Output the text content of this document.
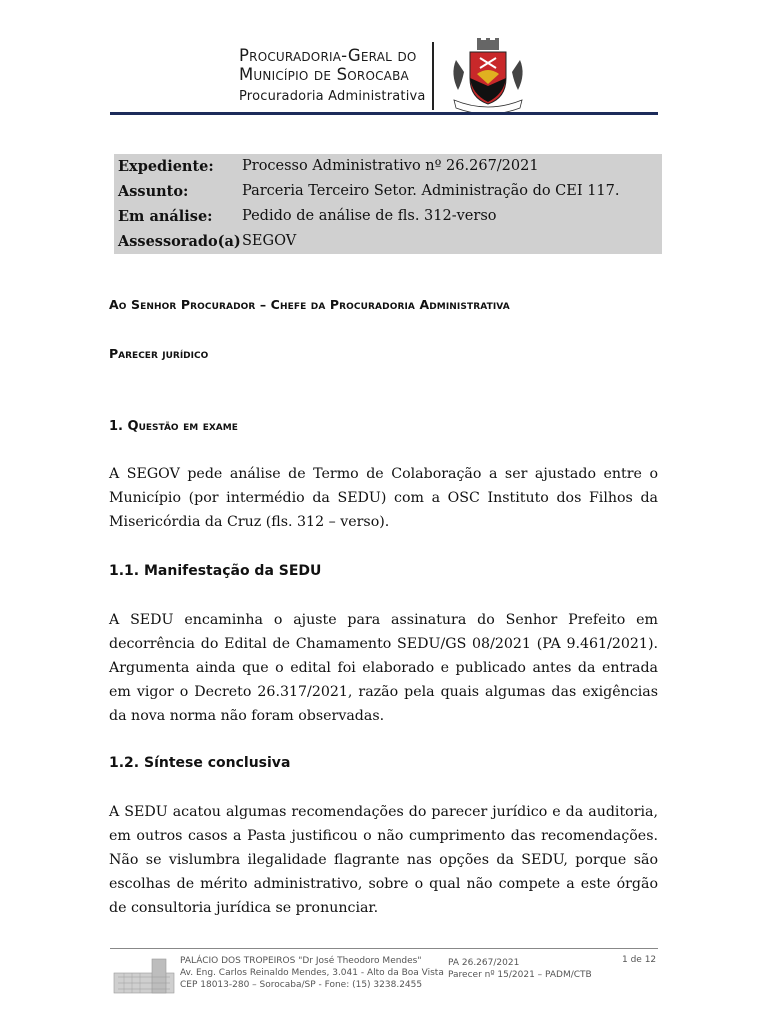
Procuradoria-Geral do
Município de Sorocaba
Procuradoria Administrativa
Expediente: Processo Administrativo nº 26.267/2021
Assunto:	Parceria Terceiro Setor. Administração do CEI 117.
Em análise: Pedido de análise de fls. 312-verso
Assessorado(a) SEGOV
Ao Senhor Procurador – Chefe da Procuradoria Administrativa
Parecer jurídico
1. Questão em exame
A SEGOV pede análise de Termo de Colaboração a ser ajustado entre o Município (por intermédio da SEDU) com a OSC Instituto dos Filhos da Misericórdia da Cruz (fls. 312 – verso).
1.1. Manifestação da SEDU
A SEDU encaminha o ajuste para assinatura do Senhor Prefeito em decorrência do Edital de Chamamento SEDU/GS 08/2021 (PA 9.461/2021). Argumenta ainda que o edital foi elaborado e publicado antes da entrada em vigor o Decreto 26.317/2021, razão pela quais algumas das exigências da nova norma não foram observadas.
1.2. Síntese conclusiva
A SEDU acatou algumas recomendações do parecer jurídico e da auditoria, em outros casos a Pasta justificou o não cumprimento das recomendações. Não se vislumbra ilegalidade flagrante nas opções da SEDU, porque são escolhas de mérito administrativo, sobre o qual não compete a este órgão de consultoria jurídica se pronunciar.
PALÁCIO DOS TROPEIROS "Dr José Theodoro Mendes"
Av. Eng. Carlos Reinaldo Mendes, 3.041 - Alto da Boa Vista
CEP 18013-280 – Sorocaba/SP - Fone: (15) 3238.2455
PA 26.267/2021
Parecer nº 15/2021 – PADM/CTB
1 de 12
